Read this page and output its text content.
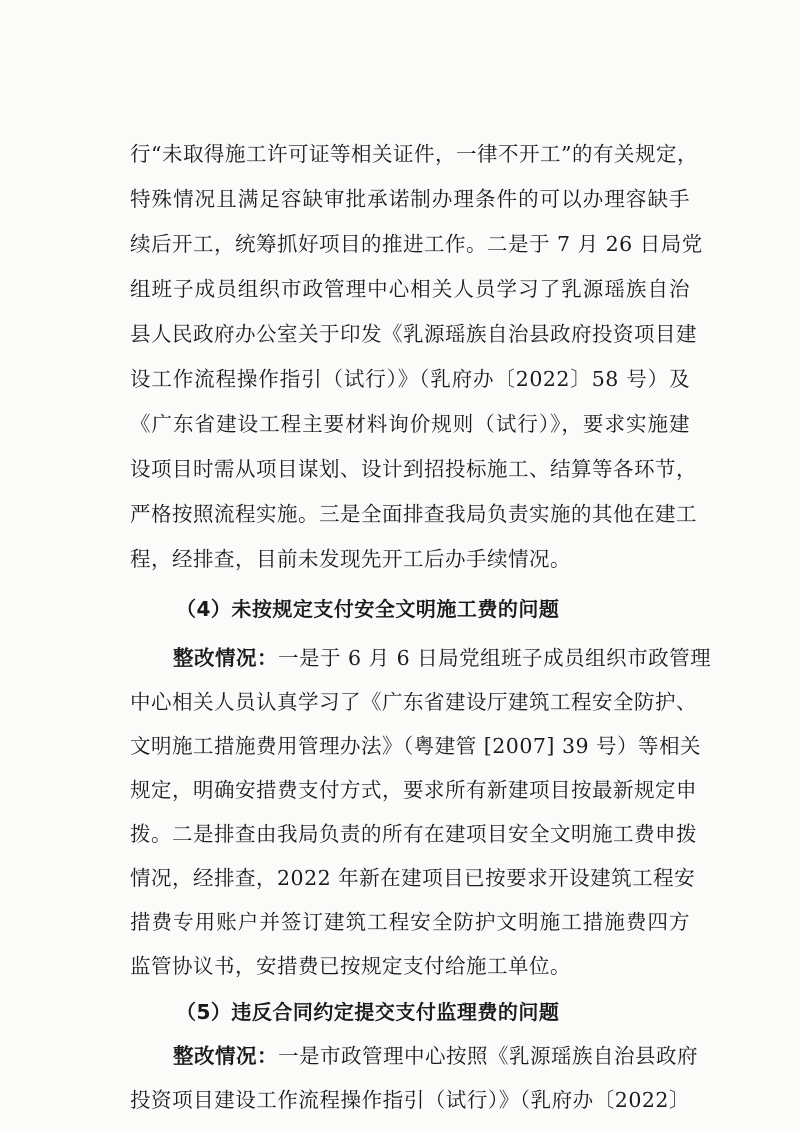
行“未取得施工许可证等相关证件，一律不开工”的有关规定，
特殊情况且满足容缺审批承诺制办理条件的可以办理容缺手
续后开工，统筹抓好项目的推进工作。二是于 7 月 26 日局党
组班子成员组织市政管理中心相关人员学习了乳源瑶族自治
县人民政府办公室关于印发《乳源瑶族自治县政府投资项目建
设工作流程操作指引（试行）》（乳府办〔2022〕58 号）及
《广东省建设工程主要材料询价规则（试行）》，要求实施建
设项目时需从项目谋划、设计到招投标施工、结算等各环节，
严格按照流程实施。三是全面排查我局负责实施的其他在建工
程，经排查，目前未发现先开工后办手续情况。
（4）未按规定支付安全文明施工费的问题
整改情况：一是于 6 月 6 日局党组班子成员组织市政管理
中心相关人员认真学习了《广东省建设厅建筑工程安全防护、
文明施工措施费用管理办法》（粤建管 [2007] 39 号）等相关
规定，明确安措费支付方式，要求所有新建项目按最新规定申
拨。二是排查由我局负责的所有在建项目安全文明施工费申拨
情况，经排查，2022 年新在建项目已按要求开设建筑工程安
措费专用账户并签订建筑工程安全防护文明施工措施费四方
监管协议书，安措费已按规定支付给施工单位。
（5）违反合同约定提交支付监理费的问题
整改情况：一是市政管理中心按照《乳源瑶族自治县政府
投资项目建设工作流程操作指引（试行）》（乳府办〔2022〕
